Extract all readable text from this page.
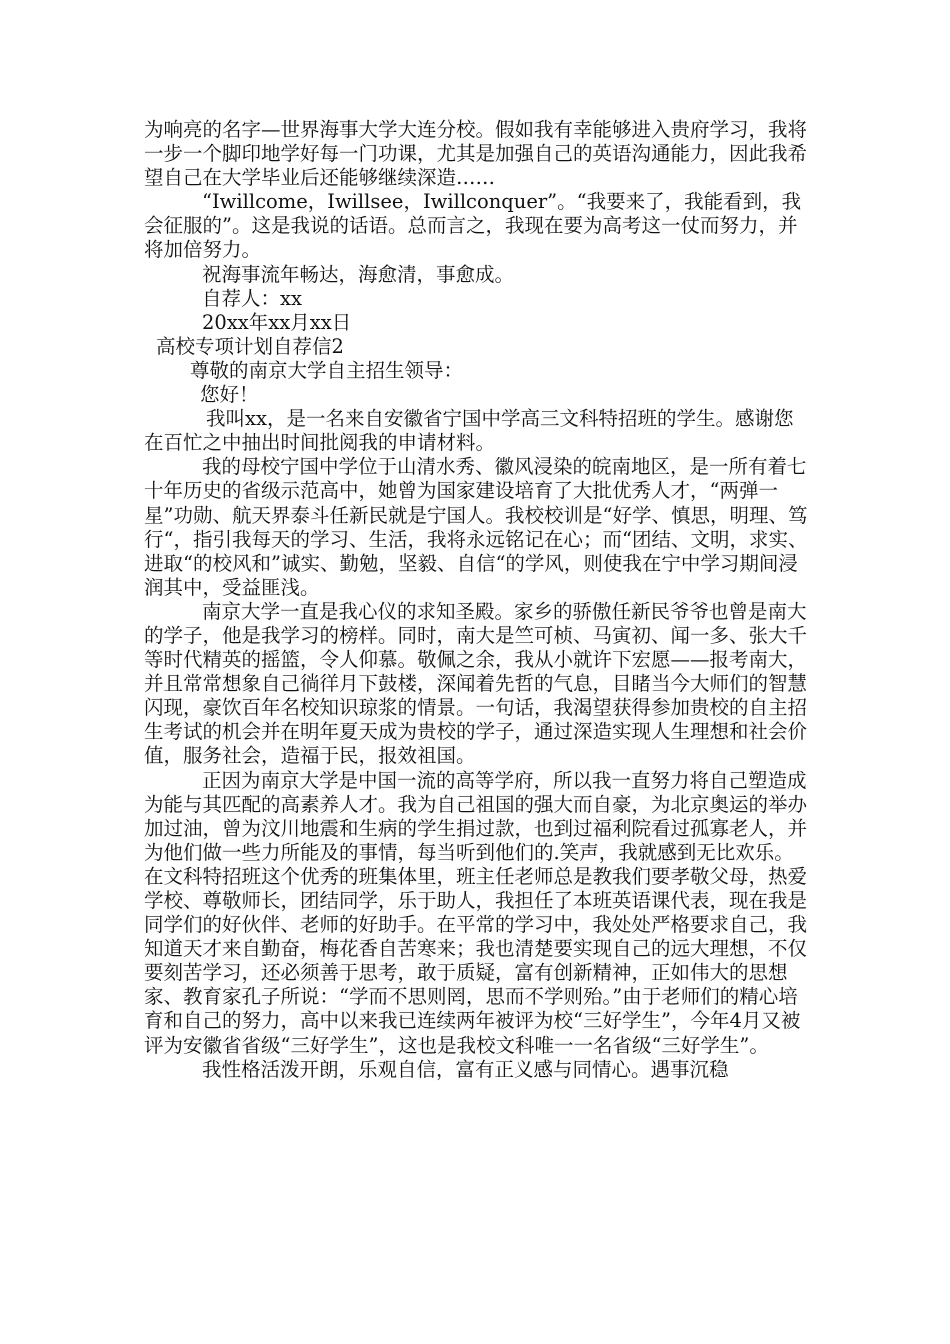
为响亮的名字—世界海事大学大连分校。假如我有幸能够进入贵府学习，我将一步一个脚印地学好每一门功课，尤其是加强自己的英语沟通能力，因此我希望自己在大学毕业后还能够继续深造……

“Iwillcome，Iwillsee，Iwillconquer”。“我要来了，我能看到，我会征服的”。这是我说的话语。总而言之，我现在要为高考这一仗而努力，并将加倍努力。

祝海事流年畅达，海愈清，事愈成。

自荐人：xx

20xx年xx月xx日

高校专项计划自荐信2

尊敬的南京大学自主招生领导：

您好！

我叫xx，是一名来自安徽省宁国中学高三文科特招班的学生。感谢您在百忙之中抽出时间批阅我的申请材料。

我的母校宁国中学位于山清水秀、徽风浸染的皖南地区，是一所有着七十年历史的省级示范高中，她曾为国家建设培育了大批优秀人才，“两弹一星”功勋、航天界泰斗任新民就是宁国人。我校校训是“好学、慎思，明理、笃行“，指引我每天的学习、生活，我将永远铭记在心；而“团结、文明，求实、进取“的校风和”诚实、勤勉，坚毅、自信“的学风，则使我在宁中学习期间浸润其中，受益匪浅。

南京大学一直是我心仪的求知圣殿。家乡的骄傲任新民爷爷也曾是南大的学子，他是我学习的榜样。同时，南大是竺可桢、马寅初、闻一多、张大千等时代精英的摇篮，令人仰慕。敬佩之余，我从小就许下宏愿——报考南大，并且常常想象自己徜徉月下鼓楼，深闻着先哲的气息，目睹当今大师们的智慧闪现，豪饮百年名校知识琼浆的情景。一句话，我渴望获得参加贵校的自主招生考试的机会并在明年夏天成为贵校的学子，通过深造实现人生理想和社会价值，服务社会，造福于民，报效祖国。

正因为南京大学是中国一流的高等学府，所以我一直努力将自己塑造成为能与其匹配的高素养人才。我为自己祖国的强大而自豪，为北京奥运的举办加过油，曾为汶川地震和生病的学生捐过款，也到过福利院看过孤寡老人，并为他们做一些力所能及的事情，每当听到他们的.笑声，我就感到无比欢乐。在文科特招班这个优秀的班集体里，班主任老师总是教我们要孝敬父母，热爱学校、尊敬师长，团结同学，乐于助人，我担任了本班英语课代表，现在我是同学们的好伙伴、老师的好助手。在平常的学习中，我处处严格要求自己，我知道天才来自勤奋，梅花香自苦寒来；我也清楚要实现自己的远大理想，不仅要刻苦学习，还必须善于思考，敢于质疑，富有创新精神，正如伟大的思想家、教育家孔子所说：“学而不思则罔，思而不学则殆。”由于老师们的精心培育和自己的努力，高中以来我已连续两年被评为校“三好学生”，今年4月又被评为安徽省省级“三好学生”，这也是我校文科唯一一名省级“三好学生”。

我性格活泼开朗，乐观自信，富有正义感与同情心。遇事沉稳
